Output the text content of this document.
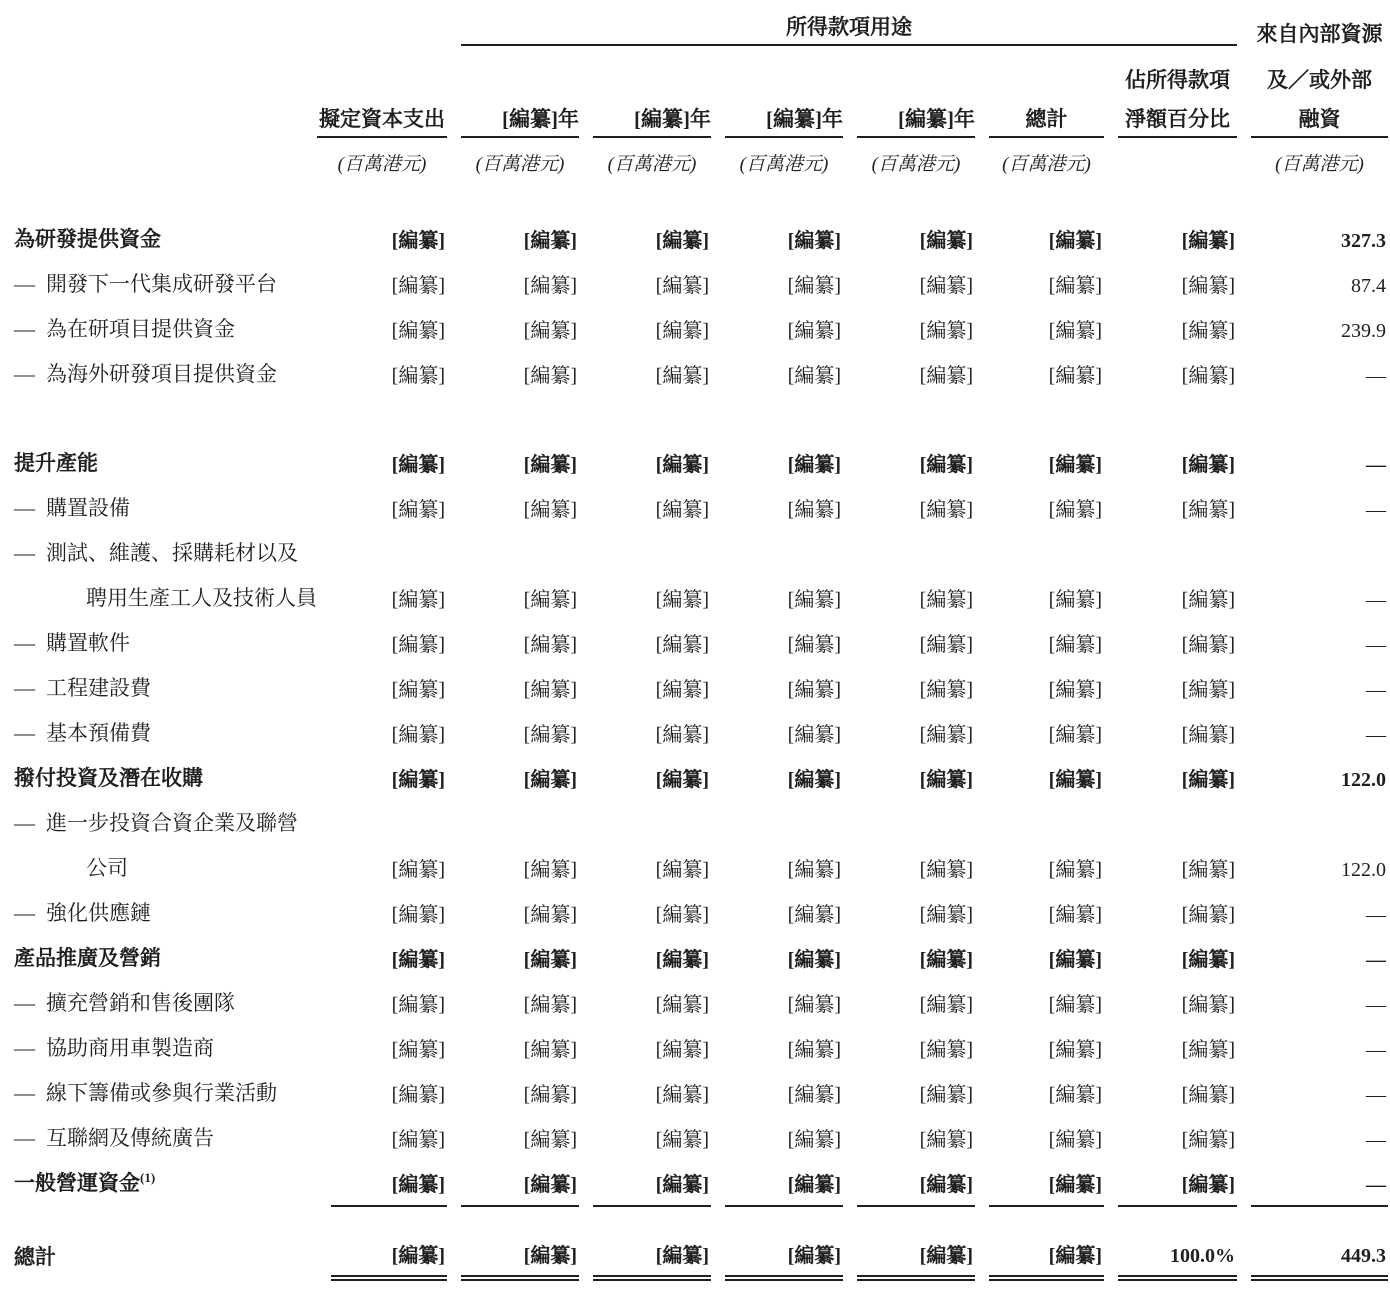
		所得款項用途						來自內部資源

							佔所得款項	及／或外部

	擬定資本支出	[編纂]年	[編纂]年	[編纂]年	[編纂]年	總計	淨額百分比	融資

	(百萬港元)	(百萬港元)	(百萬港元)	(百萬港元)	(百萬港元)	(百萬港元)		(百萬港元)

為研發提供資金	[編纂]	[編纂]	[編纂]	[編纂]	[編纂]	[編纂]	[編纂]	327.3

— 開發下一代集成研發平台	[編纂]	[編纂]	[編纂]	[編纂]	[編纂]	[編纂]	[編纂]	87.4

— 為在研項目提供資金	[編纂]	[編纂]	[編纂]	[編纂]	[編纂]	[編纂]	[編纂]	239.9

— 為海外研發項目提供資金	[編纂]	[編纂]	[編纂]	[編纂]	[編纂]	[編纂]	[編纂]	—

提升產能	[編纂]	[編纂]	[編纂]	[編纂]	[編纂]	[編纂]	[編纂]	—

— 購置設備	[編纂]	[編纂]	[編纂]	[編纂]	[編纂]	[編纂]	[編纂]	—

— 測試、維護、採購耗材以及	

聘用生產工人及技術人員	[編纂]	[編纂]	[編纂]	[編纂]	[編纂]	[編纂]	[編纂]	—

— 購置軟件	[編纂]	[編纂]	[編纂]	[編纂]	[編纂]	[編纂]	[編纂]	—

— 工程建設費	[編纂]	[編纂]	[編纂]	[編纂]	[編纂]	[編纂]	[編纂]	—

— 基本預備費	[編纂]	[編纂]	[編纂]	[編纂]	[編纂]	[編纂]	[編纂]	—

撥付投資及潛在收購	[編纂]	[編纂]	[編纂]	[編纂]	[編纂]	[編纂]	[編纂]	122.0

— 進一步投資合資企業及聯營	

公司	[編纂]	[編纂]	[編纂]	[編纂]	[編纂]	[編纂]	[編纂]	122.0

— 強化供應鏈	[編纂]	[編纂]	[編纂]	[編纂]	[編纂]	[編纂]	[編纂]	—

產品推廣及營銷	[編纂]	[編纂]	[編纂]	[編纂]	[編纂]	[編纂]	[編纂]	—

— 擴充營銷和售後團隊	[編纂]	[編纂]	[編纂]	[編纂]	[編纂]	[編纂]	[編纂]	—

— 協助商用車製造商	[編纂]	[編纂]	[編纂]	[編纂]	[編纂]	[編纂]	[編纂]	—

— 線下籌備或參與行業活動	[編纂]	[編纂]	[編纂]	[編纂]	[編纂]	[編纂]	[編纂]	—

— 互聯網及傳統廣告	[編纂]	[編纂]	[編纂]	[編纂]	[編纂]	[編纂]	[編纂]	—

一般營運資金$^{(1)}$	[編纂]	[編纂]	[編纂]	[編纂]	[編纂]	[編纂]	[編纂]	—

總計	[編纂]	[編纂]	[編纂]	[編纂]	[編纂]	[編纂]	100.0%	449.3
